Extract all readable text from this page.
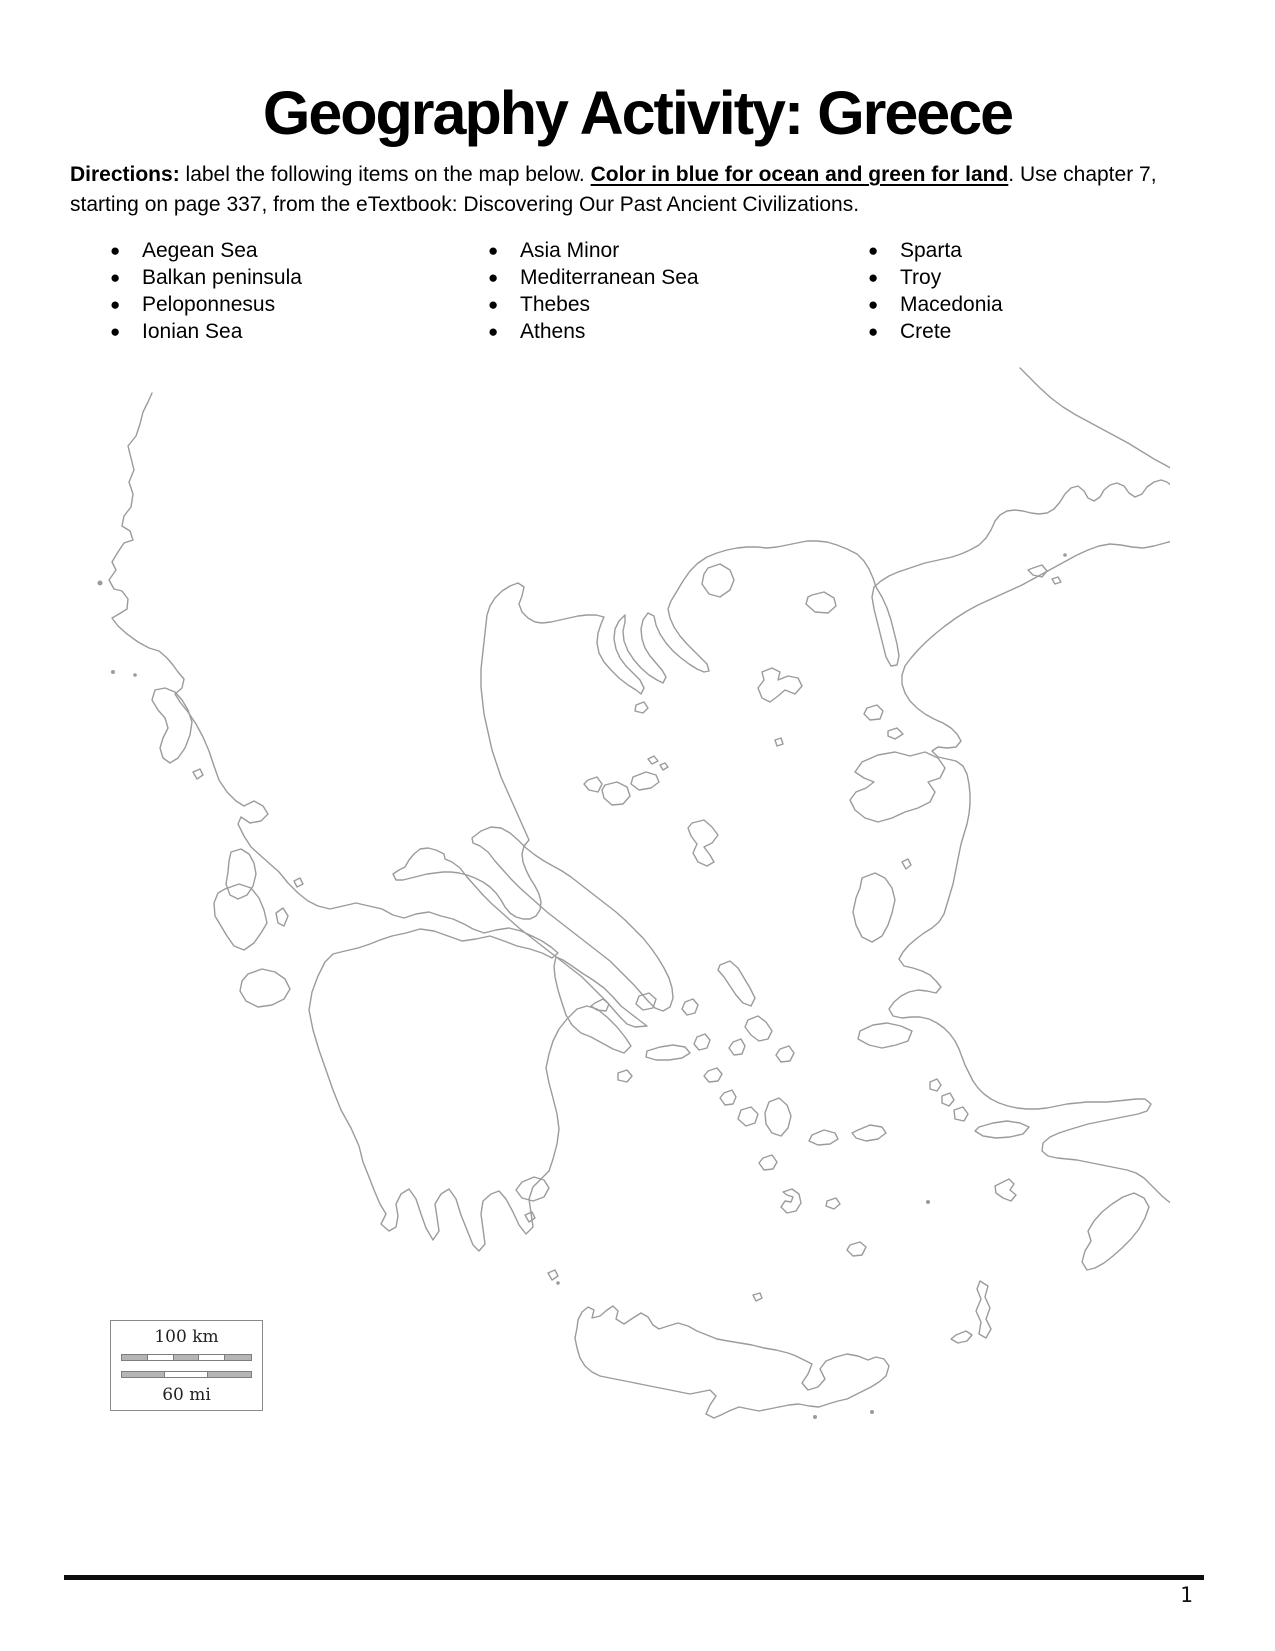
Geography Activity: Greece

Directions: label the following items on the map below. Color in blue for ocean and green for land. Use chapter 7, starting on page 337, from the eTextbook: Discovering Our Past Ancient Civilizations.

●	Aegean Sea
●	Balkan peninsula
●	Peloponnesus
●	Ionian Sea
●	Asia Minor
●	Mediterranean Sea
●	Thebes
●	Athens
●	Sparta
●	Troy
●	Macedonia
●	Crete
100 km
60 mi
1
